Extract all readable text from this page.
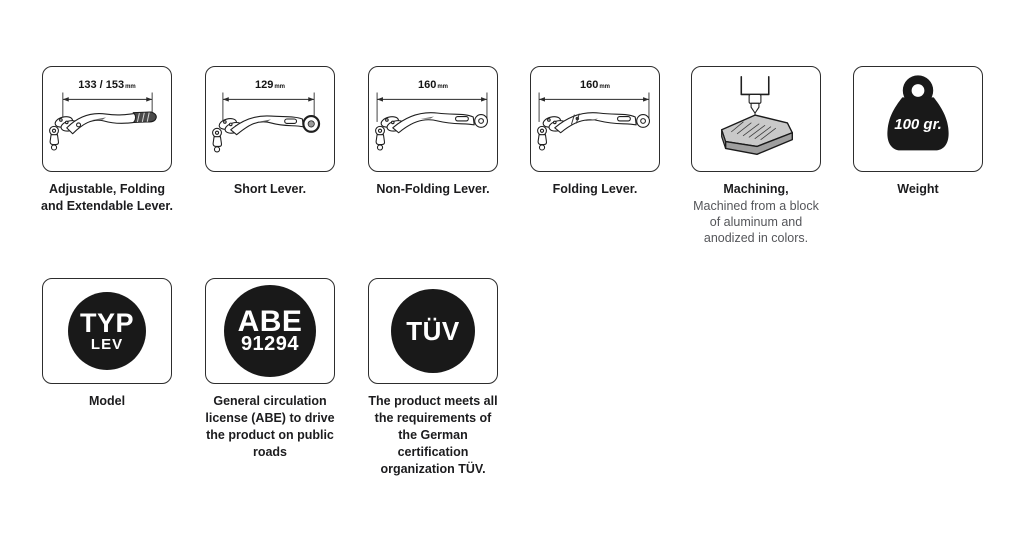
133 / 153 mm
Adjustable, Folding
and Extendable Lever.
129 mm
Short Lever.
160 mm
Non-Folding Lever.
160 mm
Folding Lever.	Machining,
Machined from a block
of aluminum and
anodized in colors.
100 gr.
Weight
TYP
LEV
Model
ABE
91294
General circulation
license (ABE) to drive
the product on public
roads
TÜV
The product meets all
the requirements of
the German
certification
organization TÜV.
